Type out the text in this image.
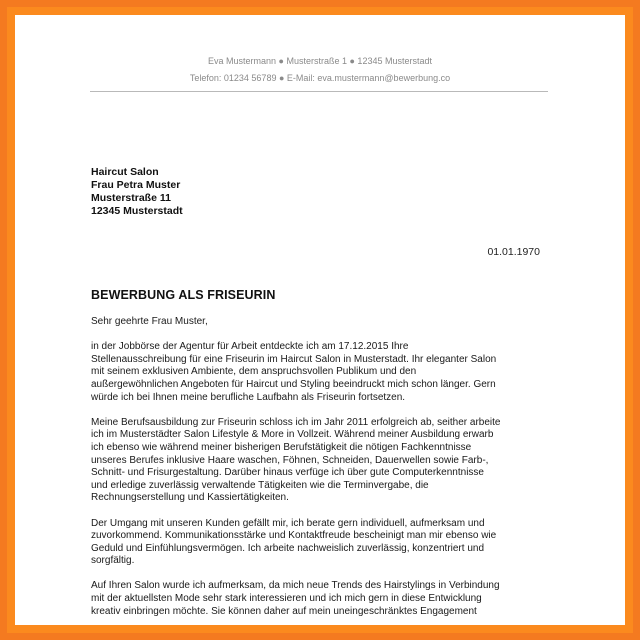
Eva Mustermann ● Musterstraße 1 ● 12345 Musterstadt
Telefon: 01234 56789 ● E-Mail: eva.mustermann@bewerbung.co
Haircut Salon
Frau Petra Muster
Musterstraße 11
12345 Musterstadt
01.01.1970
BEWERBUNG ALS FRISEURIN

Sehr geehrte Frau Muster,

in der Jobbörse der Agentur für Arbeit entdeckte ich am 17.12.2015 Ihre
Stellenausschreibung für eine Friseurin im Haircut Salon in Musterstadt. Ihr eleganter Salon
mit seinem exklusiven Ambiente, dem anspruchsvollen Publikum und den
außergewöhnlichen Angeboten für Haircut und Styling beeindruckt mich schon länger. Gern
würde ich bei Ihnen meine berufliche Laufbahn als Friseurin fortsetzen.

Meine Berufsausbildung zur Friseurin schloss ich im Jahr 2011 erfolgreich ab, seither arbeite
ich im Musterstädter Salon Lifestyle & More in Vollzeit. Während meiner Ausbildung erwarb
ich ebenso wie während meiner bisherigen Berufstätigkeit die nötigen Fachkenntnisse
unseres Berufes inklusive Haare waschen, Föhnen, Schneiden, Dauerwellen sowie Farb-,
Schnitt- und Frisurgestaltung. Darüber hinaus verfüge ich über gute Computerkenntnisse
und erledige zuverlässig verwaltende Tätigkeiten wie die Terminvergabe, die
Rechnungserstellung und Kassiertätigkeiten.

Der Umgang mit unseren Kunden gefällt mir, ich berate gern individuell, aufmerksam und
zuvorkommend. Kommunikationsstärke und Kontaktfreude bescheinigt man mir ebenso wie
Geduld und Einfühlungsvermögen. Ich arbeite nachweislich zuverlässig, konzentriert und
sorgfältig.

Auf Ihren Salon wurde ich aufmerksam, da mich neue Trends des Hairstylings in Verbindung
mit der aktuellsten Mode sehr stark interessieren und ich mich gern in diese Entwicklung
kreativ einbringen möchte. Sie können daher auf mein uneingeschränktes Engagement
